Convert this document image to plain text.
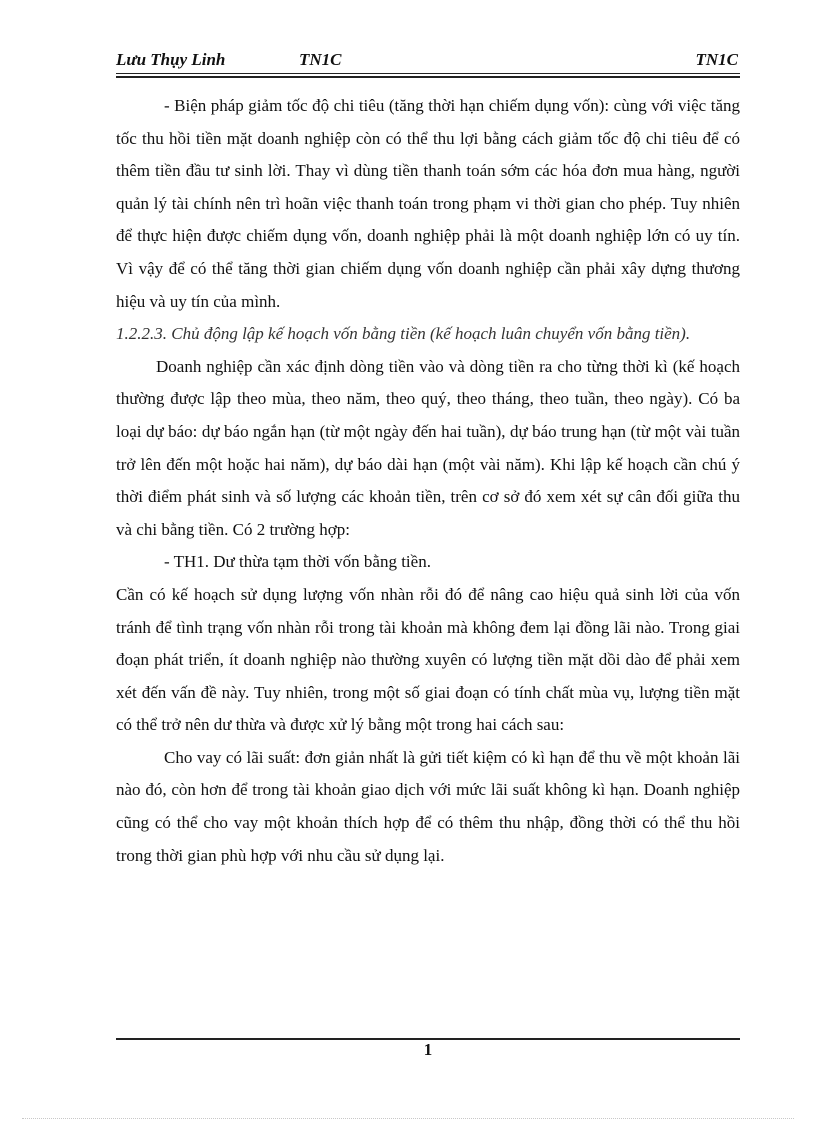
Lưu Thụy Linh	TN1C	TN1C

- Biện pháp giảm tốc độ chi tiêu (tăng thời hạn chiếm dụng vốn): cùng với việc tăng tốc thu hồi tiền mặt doanh nghiệp còn có thể thu lợi bằng cách giảm tốc độ chi tiêu để có thêm tiền đầu tư sinh lời. Thay vì dùng tiền thanh toán sớm các hóa đơn mua hàng, người quản lý tài chính nên trì hoãn việc thanh toán trong phạm vi thời gian cho phép. Tuy nhiên để thực hiện được chiếm dụng vốn, doanh nghiệp phải là một doanh nghiệp lớn có uy tín. Vì vậy để có thể tăng thời gian chiếm dụng vốn doanh nghiệp cần phải xây dựng thương hiệu và uy tín của mình.

1.2.2.3. Chủ động lập kế hoạch vốn bằng tiền (kế hoạch luân chuyển vốn bằng tiền).

Doanh nghiệp cần xác định dòng tiền vào và dòng tiền ra cho từng thời kì (kế hoạch thường được lập theo mùa, theo năm, theo quý, theo tháng, theo tuần, theo ngày). Có ba loại dự báo: dự báo ngắn hạn (từ một ngày đến hai tuần), dự báo trung hạn (từ một vài tuần trở lên đến một hoặc hai năm), dự báo dài hạn (một vài năm). Khi lập kế hoạch cần chú ý thời điểm phát sinh và số lượng các khoản tiền, trên cơ sở đó xem xét sự cân đối giữa thu và chi bằng tiền. Có 2 trường hợp:

- TH1. Dư thừa tạm thời vốn bằng tiền.

Cần có kế hoạch sử dụng lượng vốn nhàn rỗi đó để nâng cao hiệu quả sinh lời của vốn tránh để tình trạng vốn nhàn rỗi trong tài khoản mà không đem lại đồng lãi nào. Trong giai đoạn phát triển, ít doanh nghiệp nào thường xuyên có lượng tiền mặt dồi dào để phải xem xét đến vấn đề này. Tuy nhiên, trong một số giai đoạn có tính chất mùa vụ, lượng tiền mặt có thể trở nên dư thừa và được xử lý bằng một trong hai cách sau:

Cho vay có lãi suất: đơn giản nhất là gửi tiết kiệm có kì hạn để thu về một khoản lãi nào đó, còn hơn để trong tài khoản giao dịch với mức lãi suất không kì hạn. Doanh nghiệp cũng có thể cho vay một khoản thích hợp để có thêm thu nhập, đồng thời có thể thu hồi trong thời gian phù hợp với nhu cầu sử dụng lại.

1
